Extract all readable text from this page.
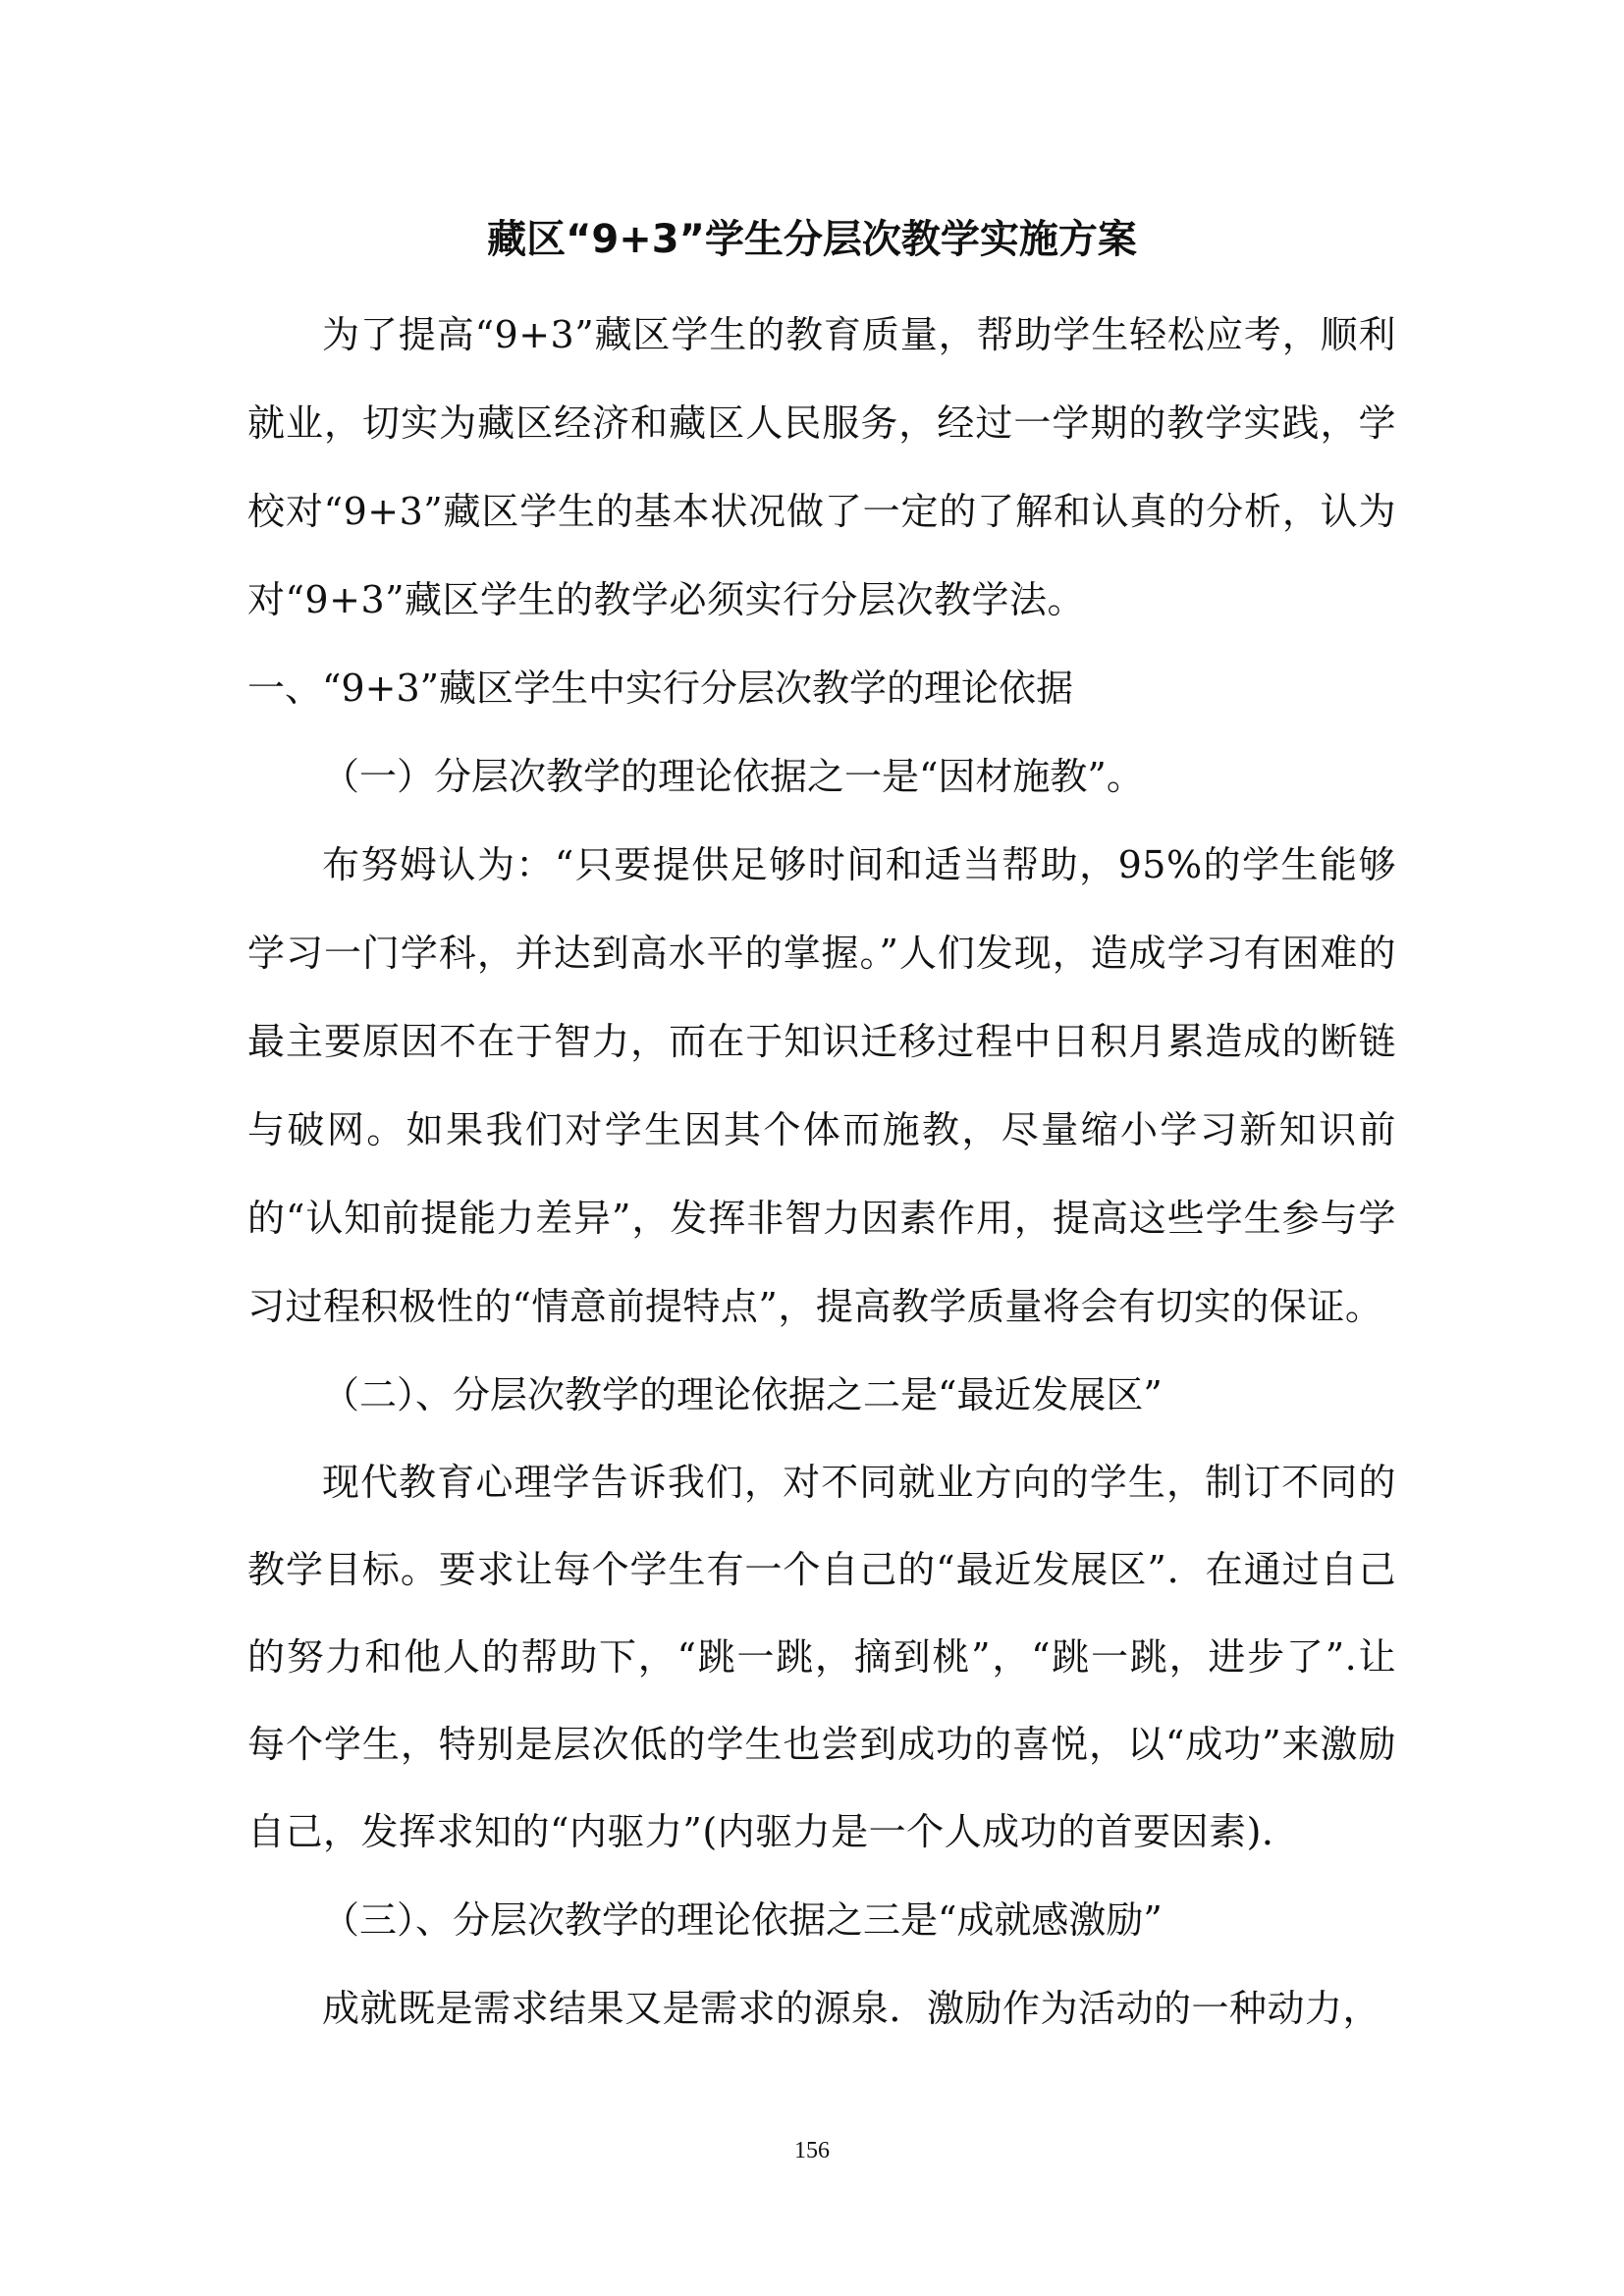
藏区“9+3”学生分层次教学实施方案

为了提高“9+3”藏区学生的教育质量，帮助学生轻松应考，顺利就业，切实为藏区经济和藏区人民服务，经过一学期的教学实践，学校对“9+3”藏区学生的基本状况做了一定的了解和认真的分析，认为对“9+3”藏区学生的教学必须实行分层次教学法。

一、“9+3”藏区学生中实行分层次教学的理论依据

（一）分层次教学的理论依据之一是“因材施教”。

布努姆认为：“只要提供足够时间和适当帮助，95%的学生能够学习一门学科，并达到高水平的掌握。”人们发现，造成学习有困难的最主要原因不在于智力，而在于知识迁移过程中日积月累造成的断链与破网。如果我们对学生因其个体而施教，尽量缩小学习新知识前的“认知前提能力差异”，发挥非智力因素作用，提高这些学生参与学习过程积极性的“情意前提特点”，提高教学质量将会有切实的保证。

（二）、分层次教学的理论依据之二是“最近发展区”

现代教育心理学告诉我们，对不同就业方向的学生，制订不同的教学目标。要求让每个学生有一个自己的“最近发展区”．在通过自己的努力和他人的帮助下，“跳一跳，摘到桃”，“跳一跳，进步了”.让每个学生，特别是层次低的学生也尝到成功的喜悦，以“成功”来激励自己，发挥求知的“内驱力”(内驱力是一个人成功的首要因素)．

（三）、分层次教学的理论依据之三是“成就感激励”

成就既是需求结果又是需求的源泉．激励作为活动的一种动力，

156
